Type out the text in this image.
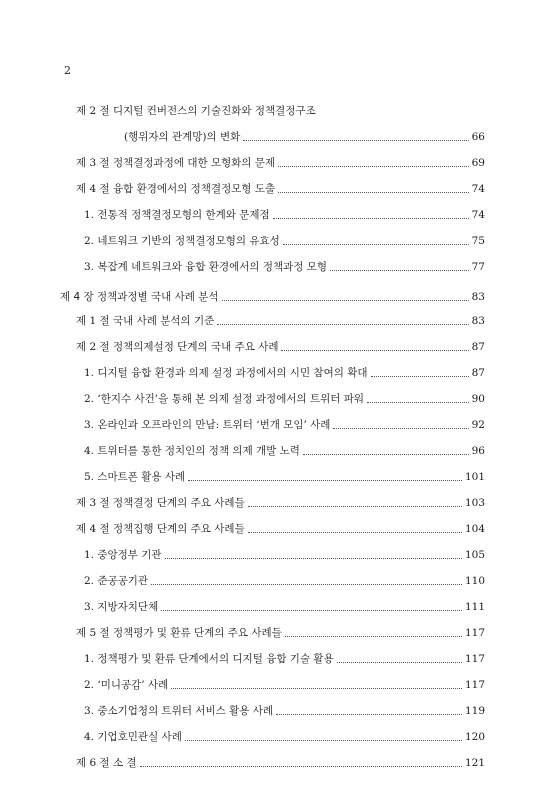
2
제 2 절 디지털 컨버전스의 기술진화와 정책결정구조
(행위자의 관계망)의 변화	66
제 3 절 정책결정과정에 대한 모형화의 문제	69
제 4 절 융합 환경에서의 정책결정모형 도출	74
1. 전통적 정책결정모형의 한계와 문제점	74
2. 네트워크 기반의 정책결정모형의 유효성	75
3. 복잡계 네트워크와 융합 환경에서의 정책과정 모형	77
제 4 장 정책과정별 국내 사례 분석	83
제 1 절 국내 사례 분석의 기준	83
제 2 절 정책의제설정 단계의 국내 주요 사례	87
1. 디지털 융합 환경과 의제 설정 과정에서의 시민 참여의 확대	87
2. ‘한지수 사건’을 통해 본 의제 설정 과정에서의 트위터 파워	90
3. 온라인과 오프라인의 만남: 트위터 ‘번개 모임’ 사례	92
4. 트위터를 통한 정치인의 정책 의제 개발 노력	96
5. 스마트폰 활용 사례	101
제 3 절 정책결정 단계의 주요 사례들	103
제 4 절 정책집행 단계의 주요 사례들	104
1. 중앙정부 기관	105
2. 준공공기관	110
3. 지방자치단체	111
제 5 절 정책평가 및 환류 단계의 주요 사례들	117
1. 정책평가 및 환류 단계에서의 디지털 융합 기술 활용	117
2. ‘미니공감’ 사례	117
3. 중소기업청의 트위터 서비스 활용 사례	119
4. 기업호민관실 사례	120
제 6 절 소 결	121
